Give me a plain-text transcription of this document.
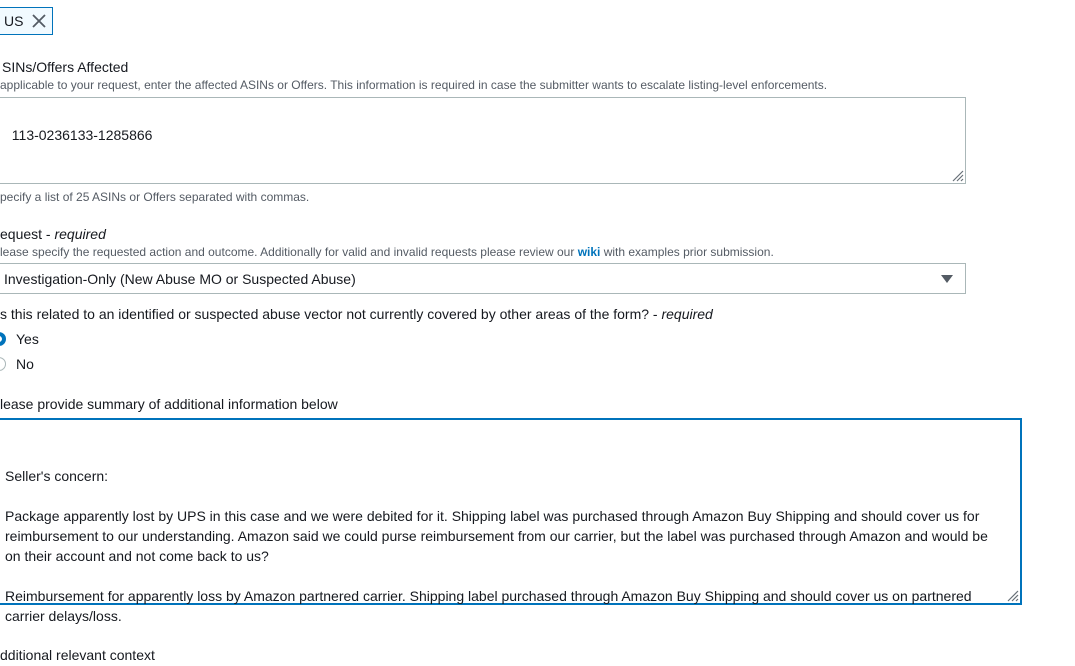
US
SINs/Offers Affected
applicable to your request, enter the affected ASINs or Offers. This information is required in case the submitter wants to escalate listing-level enforcements.

113-0236133-1285866

pecify a list of 25 ASINs or Offers separated with commas.
equest - required
lease specify the requested action and outcome. Additionally for valid and invalid requests please review our wiki with examples prior submission.
Investigation-Only (New Abuse MO or Suspected Abuse)
s this related to an identified or suspected abuse vector not currently covered by other areas of the form? - required
Yes
No
lease provide summary of additional information below

Seller's concern:

Package apparently lost by UPS in this case and we were debited for it. Shipping label was purchased through Amazon Buy Shipping and should cover us for reimbursement to our understanding. Amazon said we could purse reimbursement from our carrier, but the label was purchased through Amazon and would be on their account and not come back to us?

Reimbursement for apparently loss by Amazon partnered carrier. Shipping label purchased through Amazon Buy Shipping and should cover us on partnered carrier delays/loss.

dditional relevant context
